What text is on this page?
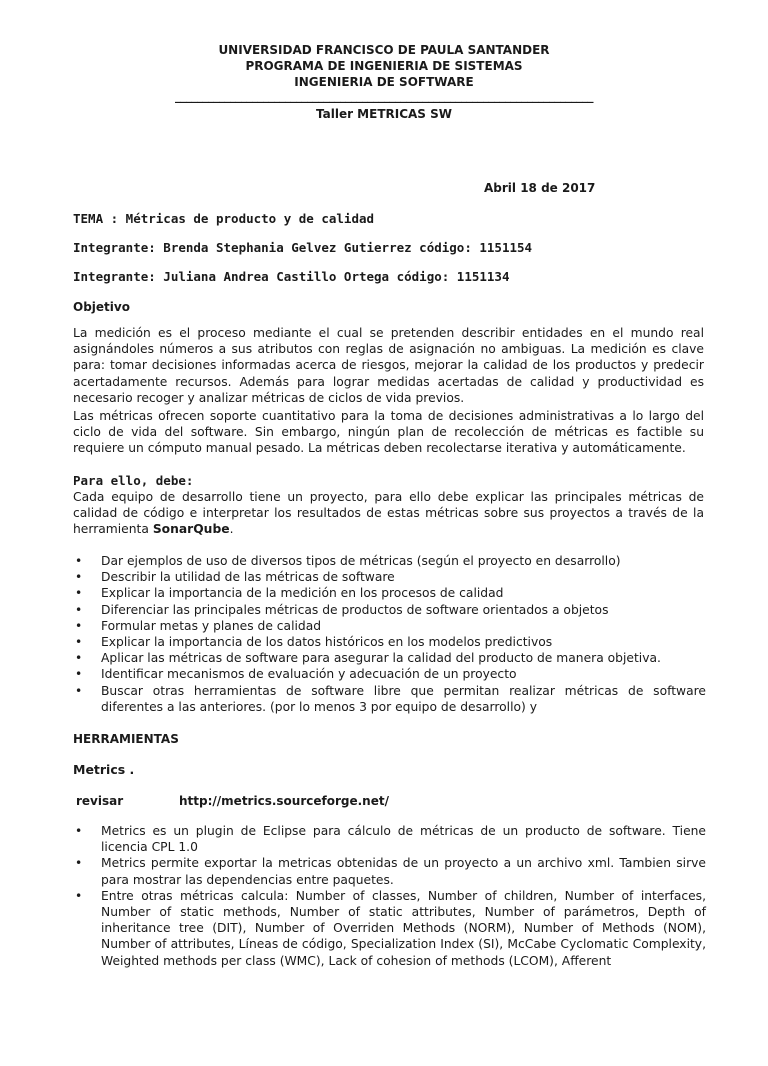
UNIVERSIDAD FRANCISCO DE PAULA SANTANDER
PROGRAMA DE INGENIERIA DE SISTEMAS
INGENIERIA DE SOFTWARE
____________________________________________________________________________
Taller METRICAS SW
Abril 18 de 2017
TEMA : Métricas de producto y de calidad
Integrante: Brenda Stephania Gelvez Gutierrez código: 1151154
Integrante: Juliana Andrea Castillo Ortega código: 1151134
Objetivo
La medición es el proceso mediante el cual se pretenden describir entidades en el mundo real asignándoles números a sus atributos con reglas de asignación no ambiguas. La medición es clave para: tomar decisiones informadas acerca de riesgos, mejorar la calidad de los productos y predecir acertadamente recursos. Además para lograr medidas acertadas de calidad y productividad es necesario recoger y analizar métricas de ciclos de vida previos.
Las métricas ofrecen soporte cuantitativo para la toma de decisiones administrativas a lo largo del ciclo de vida del software. Sin embargo, ningún plan de recolección de métricas es factible su requiere un cómputo manual pesado. La métricas deben recolectarse iterativa y automáticamente.
Para ello, debe:
Cada equipo de desarrollo tiene un proyecto, para ello debe explicar las principales métricas de calidad de código e interpretar los resultados de estas métricas sobre sus proyectos a través de la herramienta SonarQube.
• Dar ejemplos de uso de diversos tipos de métricas (según el proyecto en desarrollo)
• Describir la utilidad de las métricas de software
• Explicar la importancia de la medición en los procesos de calidad
• Diferenciar las principales métricas de productos de software orientados a objetos
• Formular metas y planes de calidad
• Explicar la importancia de los datos históricos en los modelos predictivos
• Aplicar las métricas de software para asegurar la calidad del producto de manera objetiva.
• Identificar mecanismos de evaluación y adecuación de un proyecto
• Buscar otras herramientas de software libre que permitan realizar métricas de software diferentes a las anteriores. (por lo menos 3 por equipo de desarrollo) y
HERRAMIENTAS
Metrics .
revisar	http://metrics.sourceforge.net/
• Metrics es un plugin de Eclipse para cálculo de métricas de un producto de software. Tiene licencia CPL 1.0
• Metrics permite exportar la metricas obtenidas de un proyecto a un archivo xml. Tambien sirve para mostrar las dependencias entre paquetes.
• Entre otras métricas calcula: Number of classes, Number of children, Number of interfaces, Number of static methods, Number of static attributes, Number of parámetros, Depth of inheritance tree (DIT), Number of Overriden Methods (NORM), Number of Methods (NOM), Number of attributes, Líneas de código, Specialization Index (SI), McCabe Cyclomatic Complexity, Weighted methods per class (WMC), Lack of cohesion of methods (LCOM), Afferent
